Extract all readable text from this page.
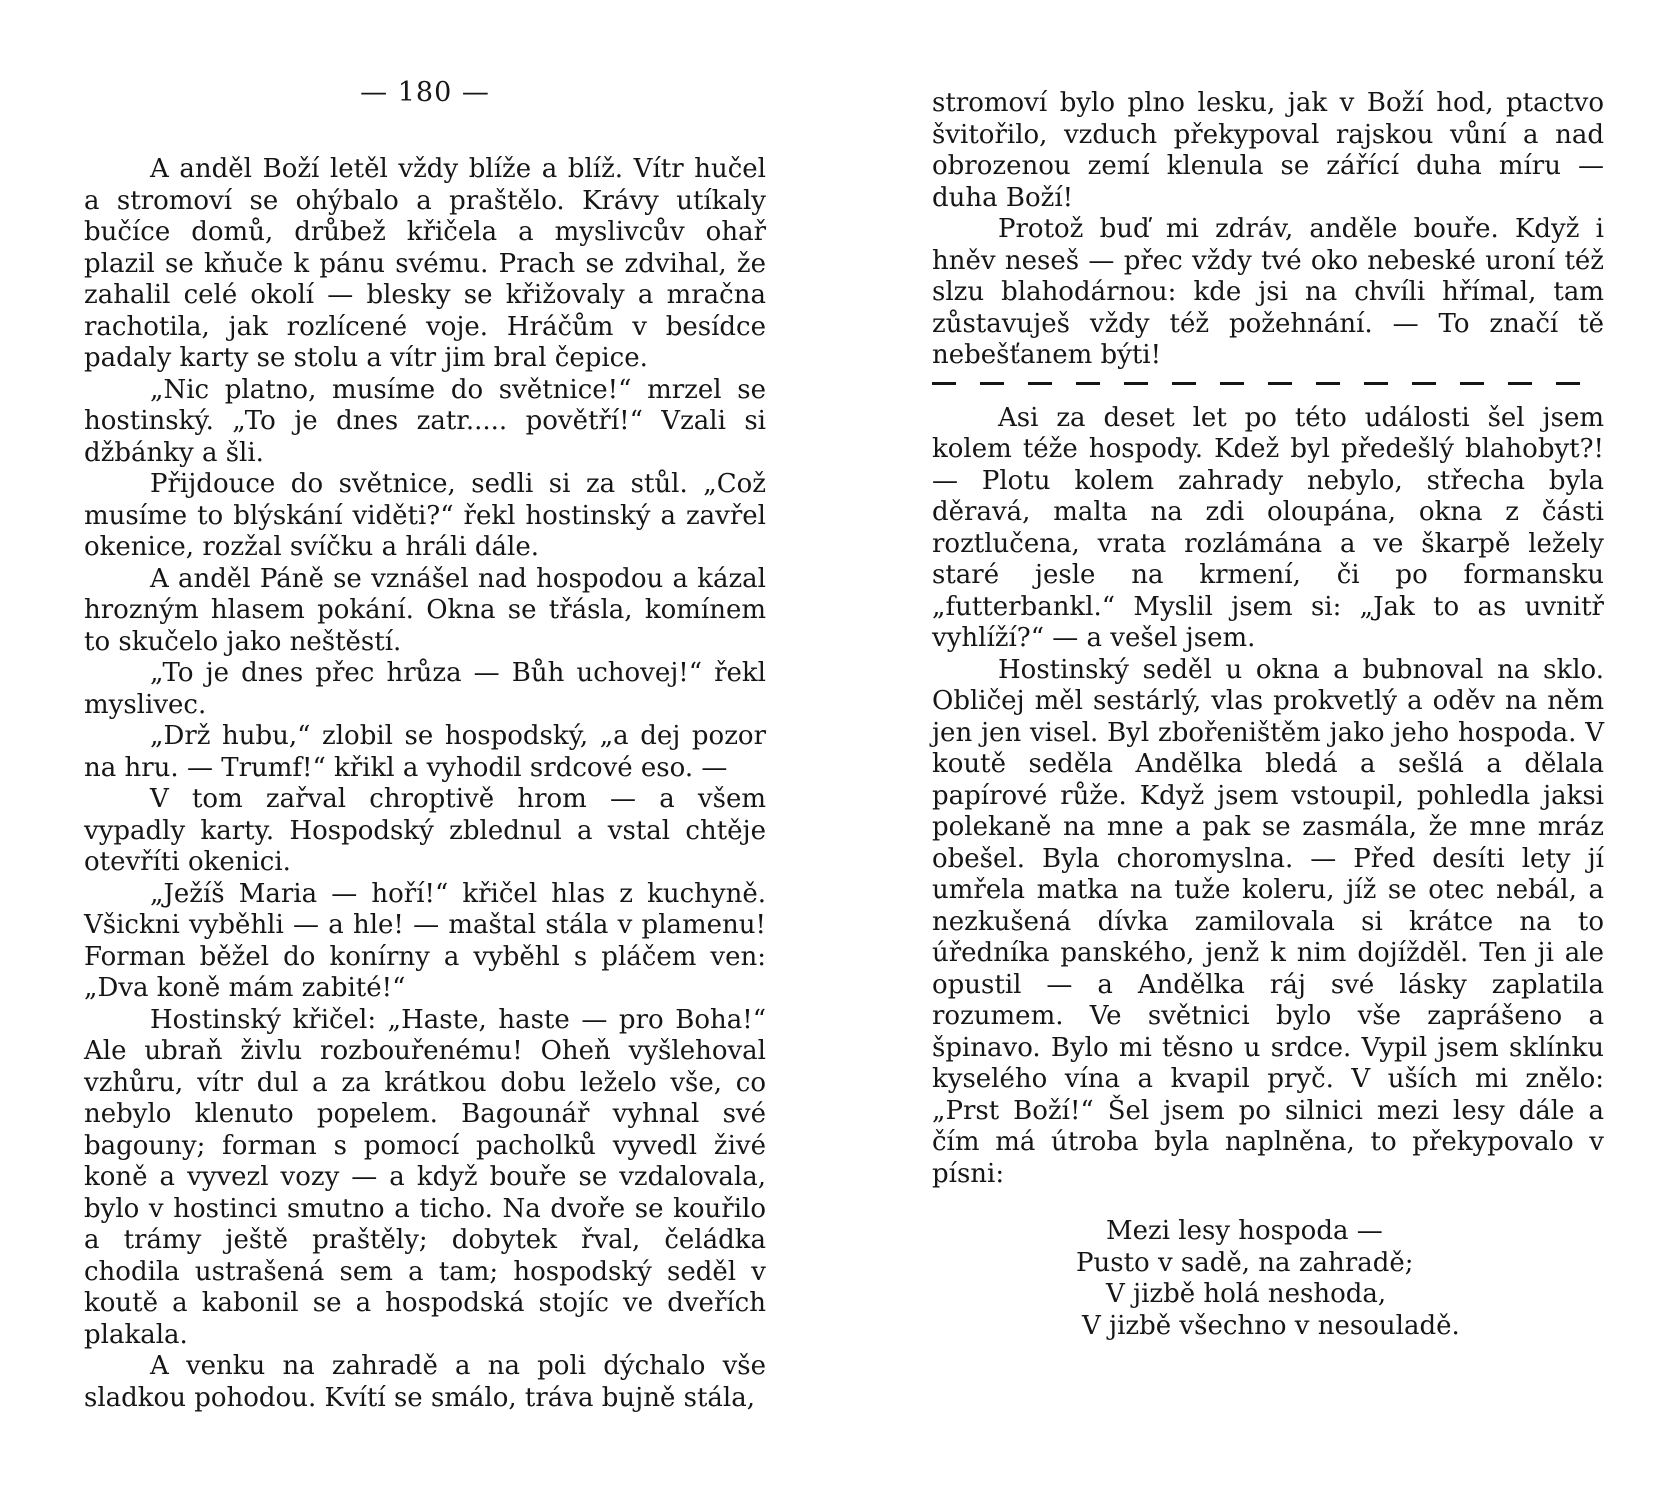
— 180 —

A anděl Boží letěl vždy blíže a blíž. Vítr hučel a stromoví se ohýbalo a praštělo. Krávy utíkaly bučíce domů, drůbež křičela a myslivcův ohař plazil se kňuče k pánu svému. Prach se zdvihal, že zahalil celé okolí — blesky se křižovaly a mračna rachotila, jak rozlícené voje. Hráčům v besídce padaly karty se stolu a vítr jim bral čepice.

„Nic platno, musíme do světnice!“ mrzel se hostinský. „To je dnes zatr..... povětří!“ Vzali si džbánky a šli.

Přijdouce do světnice, sedli si za stůl. „Což musíme to blýskání viděti?“ řekl hostinský a zavřel okenice, rozžal svíčku a hráli dále.

A anděl Páně se vznášel nad hospodou a kázal hrozným hlasem pokání. Okna se třásla, komínem to skučelo jako neštěstí.

„To je dnes přec hrůza — Bůh uchovej!“ řekl myslivec.

„Drž hubu,“ zlobil se hospodský, „a dej pozor na hru. — Trumf!“ křikl a vyhodil srdcové eso. —

V tom zařval chroptivě hrom — a všem vypadly karty. Hospodský zblednul a vstal chtěje otevříti okenici.

„Ježíš Maria — hoří!“ křičel hlas z kuchyně. Všickni vyběhli — a hle! — maštal stála v plamenu! Forman běžel do konírny a vyběhl s pláčem ven: „Dva koně mám zabité!“

Hostinský křičel: „Haste, haste — pro Boha!“ Ale ubraň živlu rozbouřenému! Oheň vyšlehoval vzhůru, vítr dul a za krátkou dobu leželo vše, co nebylo klenuto popelem. Bagounář vyhnal své bagouny; forman s pomocí pacholků vyvedl živé koně a vyvezl vozy — a když bouře se vzdalovala, bylo v hostinci smutno a ticho. Na dvoře se kouřilo a trámy ještě praštěly; dobytek řval, čeládka chodila ustrašená sem a tam; hospodský seděl v koutě a kabonil se a hospodská stojíc ve dveřích plakala.

A venku na zahradě a na poli dýchalo vše sladkou pohodou. Kvítí se smálo, tráva bujně stála,

stromoví bylo plno lesku, jak v Boží hod, ptactvo švitořilo, vzduch překypoval rajskou vůní a nad obrozenou zemí klenula se zářící duha míru — duha Boží!

Protož buď mi zdráv, anděle bouře. Když i hněv neseš — přec vždy tvé oko nebeské uroní též slzu blahodárnou: kde jsi na chvíli hřímal, tam zůstavuješ vždy též požehnání. — To značí tě nebešťanem býti!

Asi za deset let po této události šel jsem kolem téže hospody. Kdež byl předešlý blahobyt?! — Plotu kolem zahrady nebylo, střecha byla děravá, malta na zdi oloupána, okna z části roztlučena, vrata rozlámána a ve škarpě ležely staré jesle na krmení, či po formansku „futterbankl.“ Myslil jsem si: „Jak to as uvnitř vyhlíží?“ — a vešel jsem.

Hostinský seděl u okna a bubnoval na sklo. Obličej měl sestárlý, vlas prokvetlý a oděv na něm jen jen visel. Byl zbořeništěm jako jeho hospoda. V koutě seděla Andělka bledá a sešlá a dělala papírové růže. Když jsem vstoupil, pohledla jaksi polekaně na mne a pak se zasmála, že mne mráz obešel. Byla choromyslna. — Před desíti lety jí umřela matka na tuže koleru, jíž se otec nebál, a nezkušená dívka zamilovala si krátce na to úředníka panského, jenž k nim dojížděl. Ten ji ale opustil — a Andělka ráj své lásky zaplatila rozumem. Ve světnici bylo vše zaprášeno a špinavo. Bylo mi těsno u srdce. Vypil jsem sklínku kyselého vína a kvapil pryč. V uších mi znělo: „Prst Boží!“ Šel jsem po silnici mezi lesy dále a čím má útroba byla naplněna, to překypovalo v písni:

Mezi lesy hospoda —
Pusto v sadě, na zahradě;
V jizbě holá neshoda,
V jizbě všechno v nesouladě.
